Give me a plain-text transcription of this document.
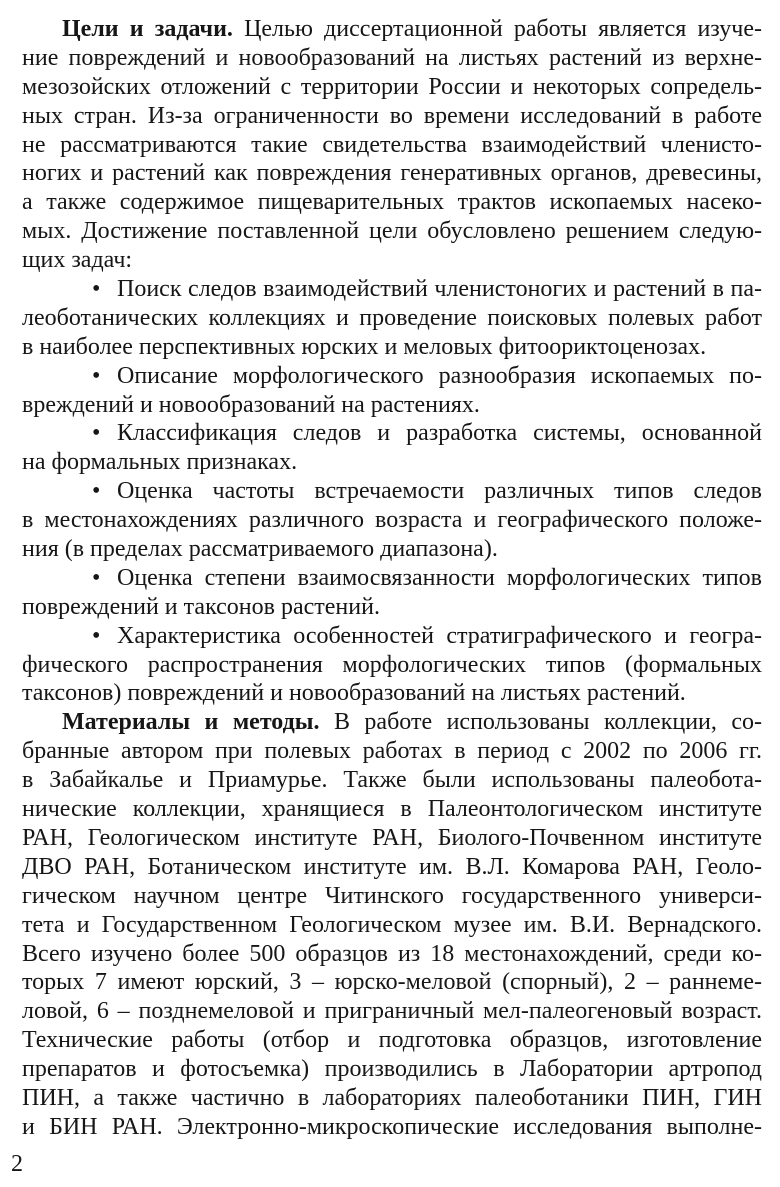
Цели и задачи. Целью диссертационной работы является изуче-
ние повреждений и новообразований на листьях растений из верхне-
мезозойских отложений с территории России и некоторых сопредель-
ных стран. Из-за ограниченности во времени исследований в работе
не рассматриваются такие свидетельства взаимодействий членисто-
ногих и растений как повреждения генеративных органов, древесины,
а также содержимое пищеварительных трактов ископаемых насеко-
мых. Достижение поставленной цели обусловлено решением следую-
щих задач:
• Поиск следов взаимодействий членистоногих и растений в па-
леоботанических коллекциях и проведение поисковых полевых работ
в наиболее перспективных юрских и меловых фитоориктоценозах.
• Описание морфологического разнообразия ископаемых по-
вреждений и новообразований на растениях.
• Классификация следов и разработка системы, основанной
на формальных признаках.
• Оценка частоты встречаемости различных типов следов
в местонахождениях различного возраста и географического положе-
ния (в пределах рассматриваемого диапазона).
• Оценка степени взаимосвязанности морфологических типов
повреждений и таксонов растений.
• Характеристика особенностей стратиграфического и геогра-
фического распространения морфологических типов (формальных
таксонов) повреждений и новообразований на листьях растений.
Материалы и методы. В работе использованы коллекции, со-
бранные автором при полевых работах в период с 2002 по 2006 гг.
в Забайкалье и Приамурье. Также были использованы палеобота-
нические коллекции, хранящиеся в Палеонтологическом институте
РАН, Геологическом институте РАН, Биолого-Почвенном институте
ДВО РАН, Ботаническом институте им. В.Л. Комарова РАН, Геоло-
гическом научном центре Читинского государственного универси-
тета и Государственном Геологическом музее им. В.И. Вернадского.
Всего изучено более 500 образцов из 18 местонахождений, среди ко-
торых 7 имеют юрский, 3 – юрско-меловой (спорный), 2 – раннеме-
ловой, 6 – позднемеловой и приграничный мел-палеогеновый возраст.
Технические работы (отбор и подготовка образцов, изготовление
препаратов и фотосъемка) производились в Лаборатории артропод
ПИН, а также частично в лабораториях палеоботаники ПИН, ГИН
и БИН РАН. Электронно-микроскопические исследования выполне-
2
